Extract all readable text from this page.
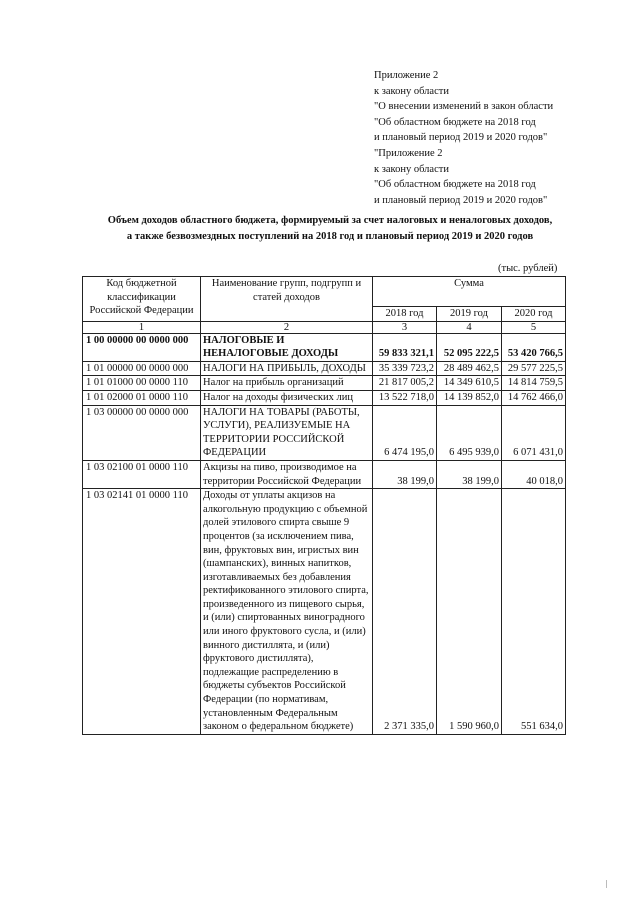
Приложение 2
к закону области
"О внесении изменений в закон области
"Об областном бюджете на 2018 год
и плановый период 2019 и 2020 годов"
"Приложение 2
к закону области
"Об областном бюджете на 2018 год
и плановый период 2019 и 2020 годов"
Объем доходов областного бюджета, формируемый за счет налоговых и неналоговых доходов,
а также безвозмездных поступлений на 2018 год и плановый период 2019 и 2020 годов
(тыс. рублей)
Код бюджетной классификации Российской Федерации	Наименование групп, подгрупп и статей доходов	Сумма		
		2018 год	2019 год	2020 год
1	2	3	4	5
1 00 00000 00 0000 000	НАЛОГОВЫЕ И НЕНАЛОГОВЫЕ ДОХОДЫ	59 833 321,1	52 095 222,5	53 420 766,5
1 01 00000 00 0000 000	НАЛОГИ НА ПРИБЫЛЬ, ДОХОДЫ	35 339 723,2	28 489 462,5	29 577 225,5
1 01 01000 00 0000 110	Налог на прибыль организаций	21 817 005,2	14 349 610,5	14 814 759,5
1 01 02000 01 0000 110	Налог на доходы физических лиц	13 522 718,0	14 139 852,0	14 762 466,0
1 03 00000 00 0000 000	НАЛОГИ НА ТОВАРЫ (РАБОТЫ, УСЛУГИ), РЕАЛИЗУЕМЫЕ НА ТЕРРИТОРИИ РОССИЙСКОЙ ФЕДЕРАЦИИ	6 474 195,0	6 495 939,0	6 071 431,0
1 03 02100 01 0000 110	Акцизы на пиво, производимое на территории Российской Федерации	38 199,0	38 199,0	40 018,0
1 03 02141 01 0000 110	Доходы от уплаты акцизов на алкогольную продукцию с объемной долей этилового спирта свыше 9 процентов (за исключением пива, вин, фруктовых вин, игристых вин (шампанских), винных напитков, изготавливаемых без добавления ректификованного этилового спирта, произведенного из пищевого сырья, и (или) спиртованных виноградного или иного фруктового сусла, и (или) винного дистиллята, и (или) фруктового дистиллята), подлежащие распределению в бюджеты субъектов Российской Федерации (по нормативам, установленным Федеральным законом о федеральном бюджете)	2 371 335,0	1 590 960,0	551 634,0
